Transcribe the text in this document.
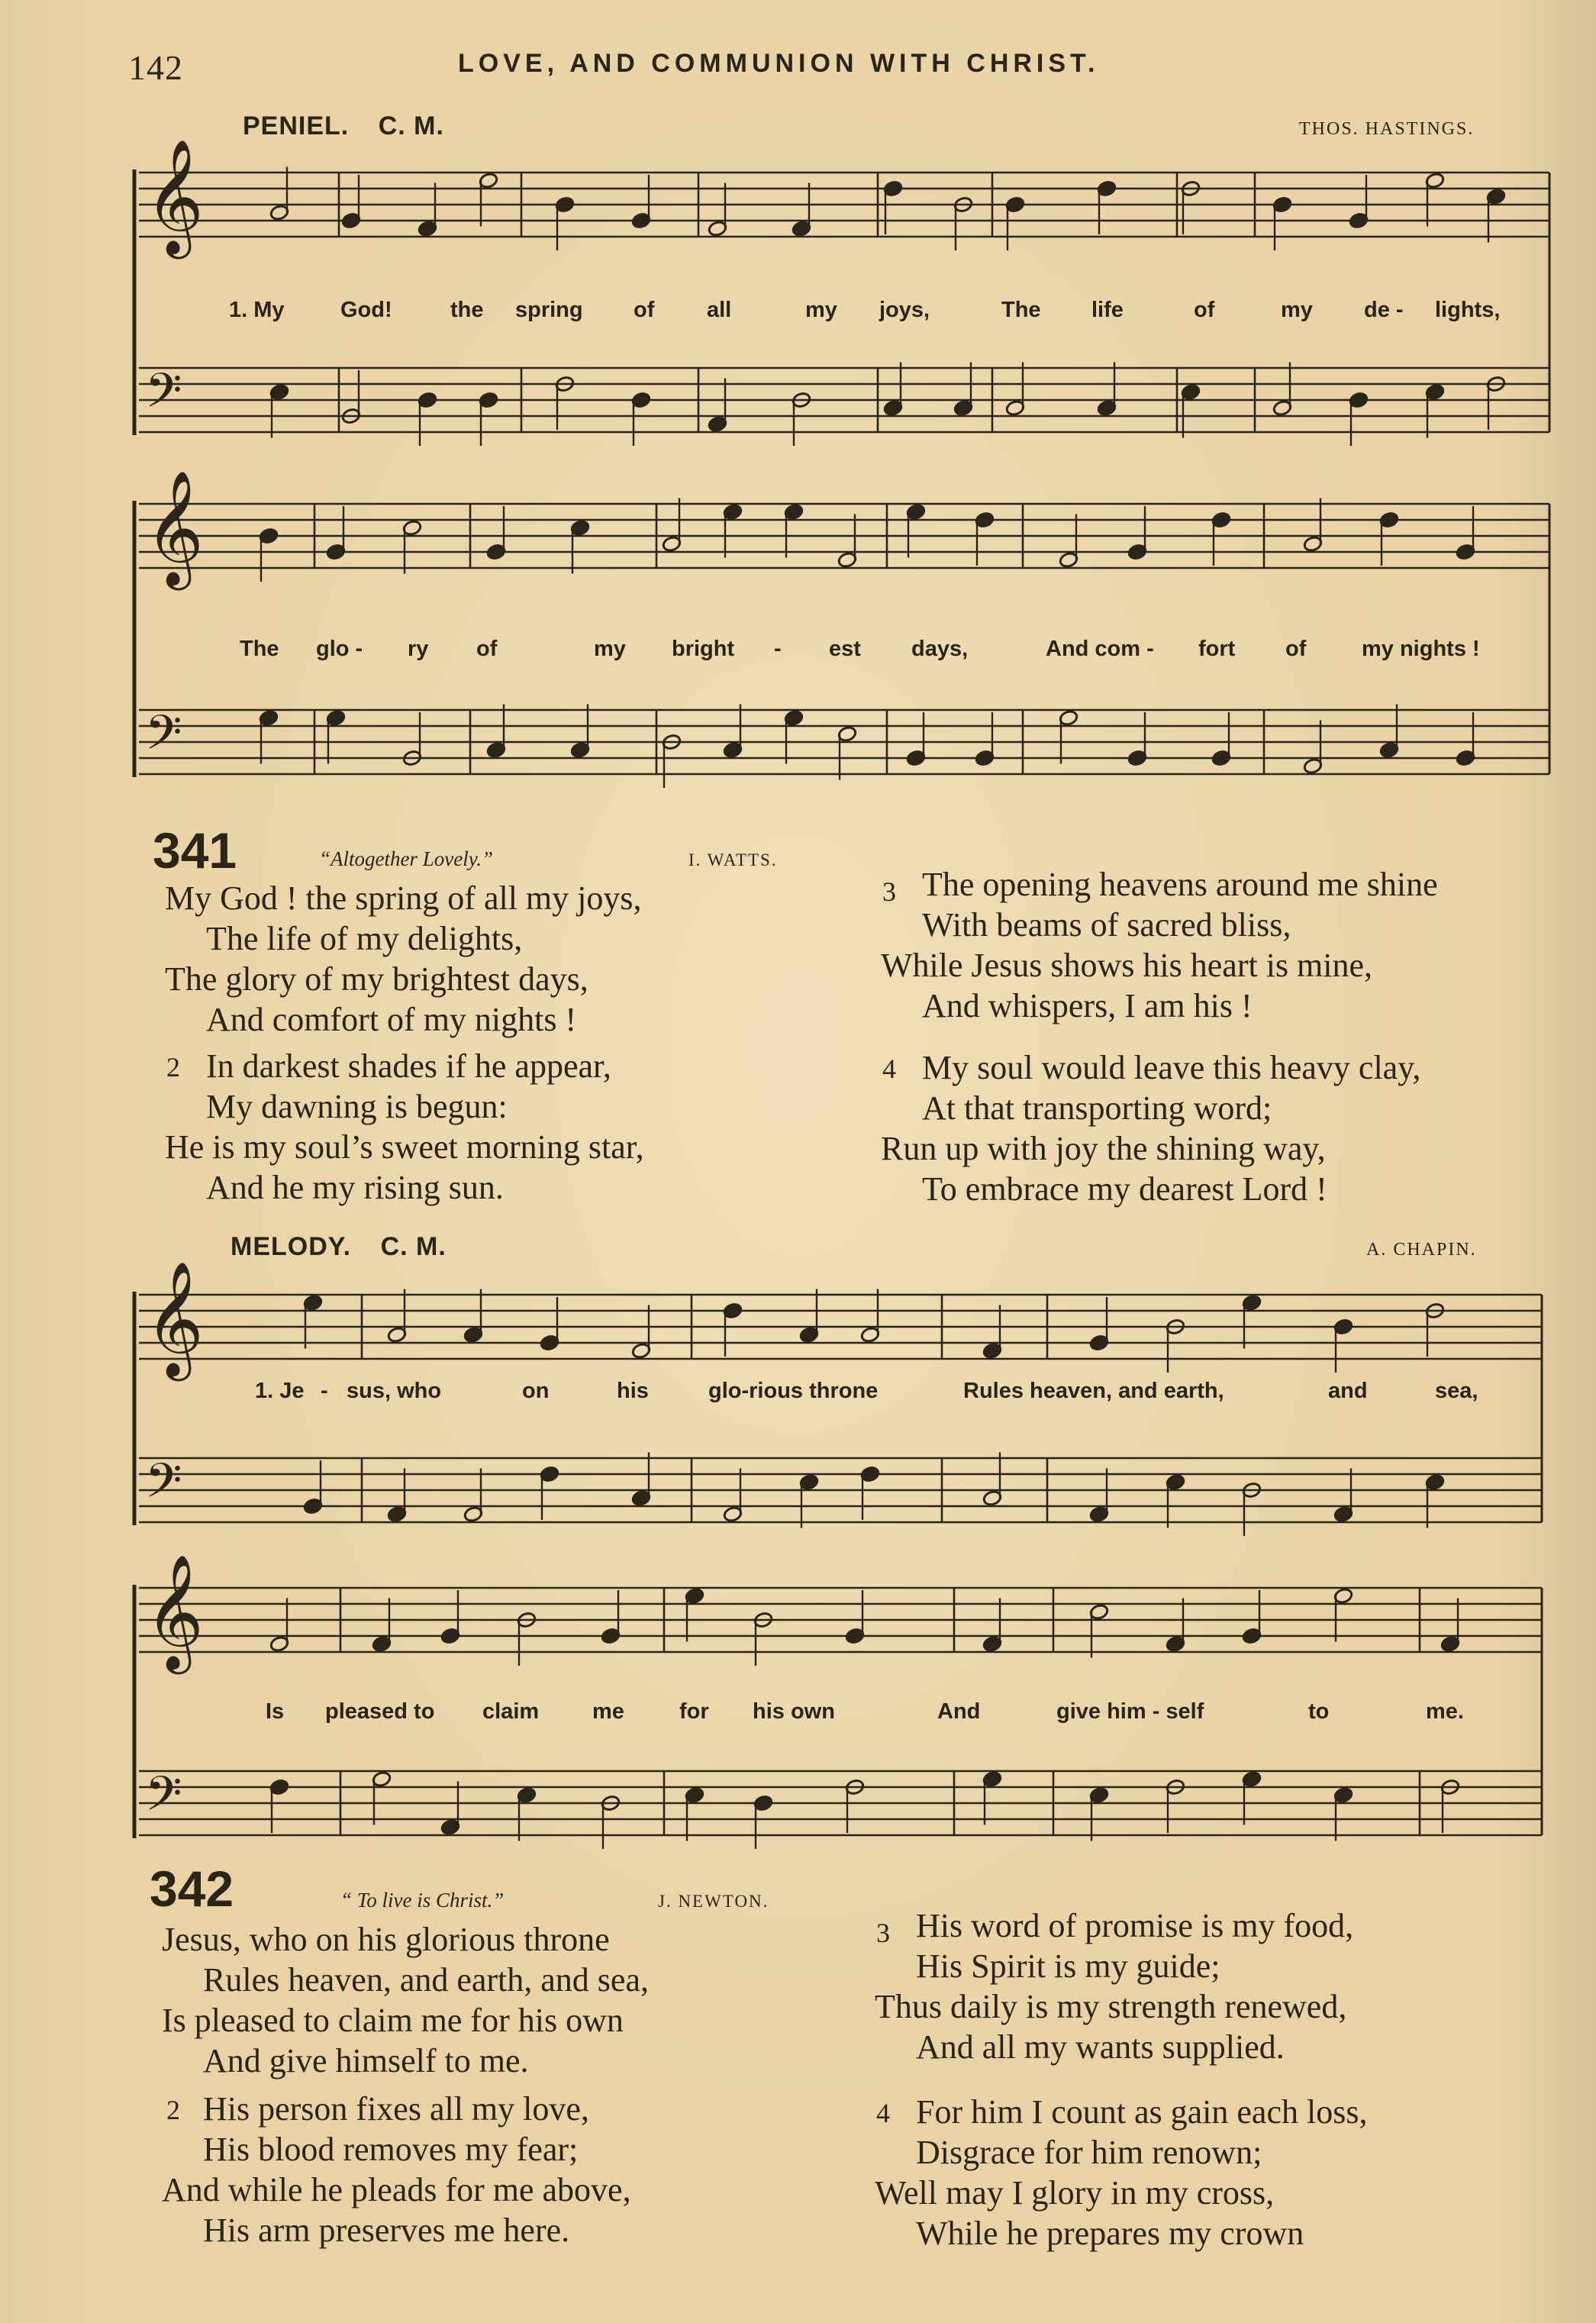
142	LOVE, AND COMMUNION WITH CHRIST.
PENIEL. C. M.	THOS. HASTINGS.
1. My	God!	the spring of all	my joys,	The life	of	my de - lights,
The glo - ry of	my bright - est days,	And com - fort of	my nights !
341	“Altogether Lovely.”	I. WATTS.
My God ! the spring of all my joys,
The life of my delights,
The glory of my brightest days,
And comfort of my nights !
2 In darkest shades if he appear,
My dawning is begun:
He is my soul’s sweet morning star,
And he my rising sun.
3 The opening heavens around me shine
With beams of sacred bliss,
While Jesus shows his heart is mine,
And whispers, I am his !
4 My soul would leave this heavy clay,
At that transporting word;
Run up with joy the shining way,
To embrace my dearest Lord !
MELODY. C. M.	A. CHAPIN.
1. Je - sus, who	on	his	glo-rious throne	Rules heaven, and earth,	and	sea,
Is pleased to claim me for his own	And	give him - self	to	me.
342	“ To live is Christ.”	J. NEWTON.
Jesus, who on his glorious throne
Rules heaven, and earth, and sea,
Is pleased to claim me for his own
And give himself to me.
2 His person fixes all my love,
His blood removes my fear;
And while he pleads for me above,
His arm preserves me here.
3 His word of promise is my food,
His Spirit is my guide;
Thus daily is my strength renewed,
And all my wants supplied.
4 For him I count as gain each loss,
Disgrace for him renown;
Well may I glory in my cross,
While he prepares my crown
𝄞
𝄢
𝄞
𝄢
𝄞
𝄢
𝄞
𝄢
